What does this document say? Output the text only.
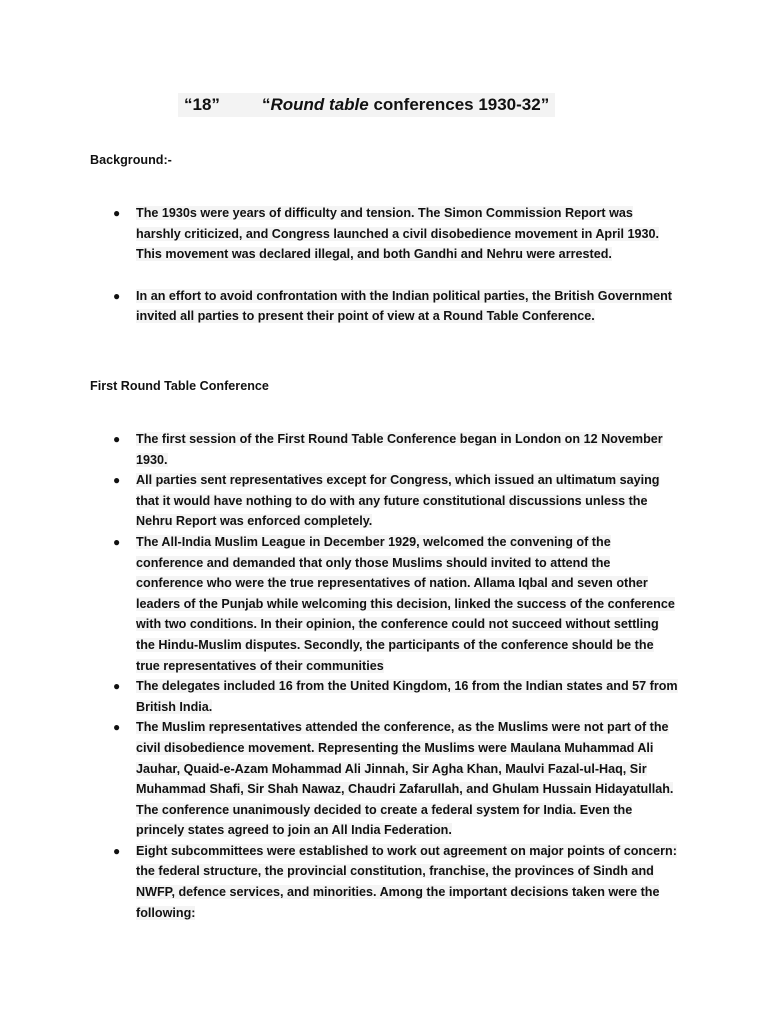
“18” “Round table conferences 1930-32”
Background:-
● The 1930s were years of difficulty and tension. The Simon Commission Report was harshly criticized, and Congress launched a civil disobedience movement in April 1930. This movement was declared illegal, and both Gandhi and Nehru were arrested.
● In an effort to avoid confrontation with the Indian political parties, the British Government invited all parties to present their point of view at a Round Table Conference.
First Round Table Conference
● The first session of the First Round Table Conference began in London on 12 November 1930.
● All parties sent representatives except for Congress, which issued an ultimatum saying that it would have nothing to do with any future constitutional discussions unless the Nehru Report was enforced completely.
● The All-India Muslim League in December 1929, welcomed the convening of the conference and demanded that only those Muslims should invited to attend the conference who were the true representatives of nation. Allama Iqbal and seven other leaders of the Punjab while welcoming this decision, linked the success of the conference with two conditions. In their opinion, the conference could not succeed without settling the Hindu-Muslim disputes. Secondly, the participants of the conference should be the true representatives of their communities
● The delegates included 16 from the United Kingdom, 16 from the Indian states and 57 from British India.
● The Muslim representatives attended the conference, as the Muslims were not part of the civil disobedience movement. Representing the Muslims were Maulana Muhammad Ali Jauhar, Quaid-e-Azam Mohammad Ali Jinnah, Sir Agha Khan, Maulvi Fazal-ul-Haq, Sir Muhammad Shafi, Sir Shah Nawaz, Chaudri Zafarullah, and Ghulam Hussain Hidayatullah. The conference unanimously decided to create a federal system for India. Even the princely states agreed to join an All India Federation.
● Eight subcommittees were established to work out agreement on major points of concern: the federal structure, the provincial constitution, franchise, the provinces of Sindh and NWFP, defence services, and minorities. Among the important decisions taken were the following:
